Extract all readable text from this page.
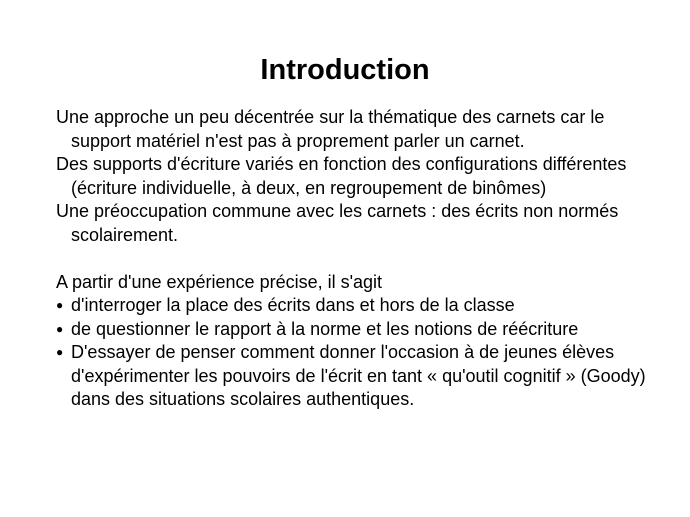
Introduction

Une approche un peu décentrée sur la thématique des carnets car le support matériel n'est pas à proprement parler un carnet.

Des supports d'écriture variés en fonction des configurations différentes (écriture individuelle, à deux, en regroupement de binômes)

Une préoccupation commune avec les carnets : des écrits non normés scolairement.

A partir d'une expérience précise, il s'agit

● d'interroger la place des écrits dans et hors de la classe
● de questionner le rapport à la norme et les notions de réécriture
● D'essayer de penser comment donner l'occasion à de jeunes élèves d'expérimenter les pouvoirs de l'écrit en tant « qu'outil cognitif » (Goody) dans des situations scolaires authentiques.
